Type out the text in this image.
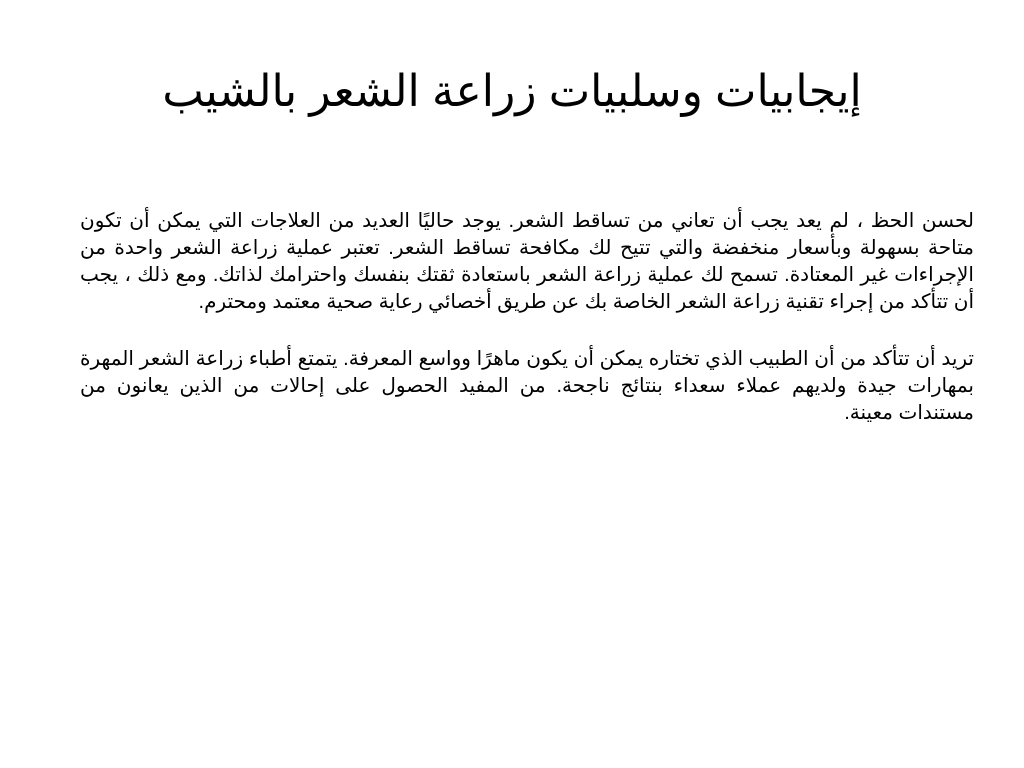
إيجابيات وسلبيات زراعة الشعر بالشيب

لحسن الحظ ، لم يعد يجب أن تعاني من تساقط الشعر. يوجد حاليًا العديد من العلاجات التي يمكن أن تكون متاحة بسهولة وبأسعار منخفضة والتي تتيح لك مكافحة تساقط الشعر. تعتبر عملية زراعة الشعر واحدة من الإجراءات غير المعتادة. تسمح لك عملية زراعة الشعر باستعادة ثقتك بنفسك واحترامك لذاتك. ومع ذلك ، يجب أن تتأكد من إجراء تقنية زراعة الشعر الخاصة بك عن طريق أخصائي رعاية صحية معتمد ومحترم.

تريد أن تتأكد من أن الطبيب الذي تختاره يمكن أن يكون ماهرًا وواسع المعرفة. يتمتع أطباء زراعة الشعر المهرة بمهارات جيدة ولديهم عملاء سعداء بنتائج ناجحة. من المفيد الحصول على إحالات من الذين يعانون من مستندات معينة.
